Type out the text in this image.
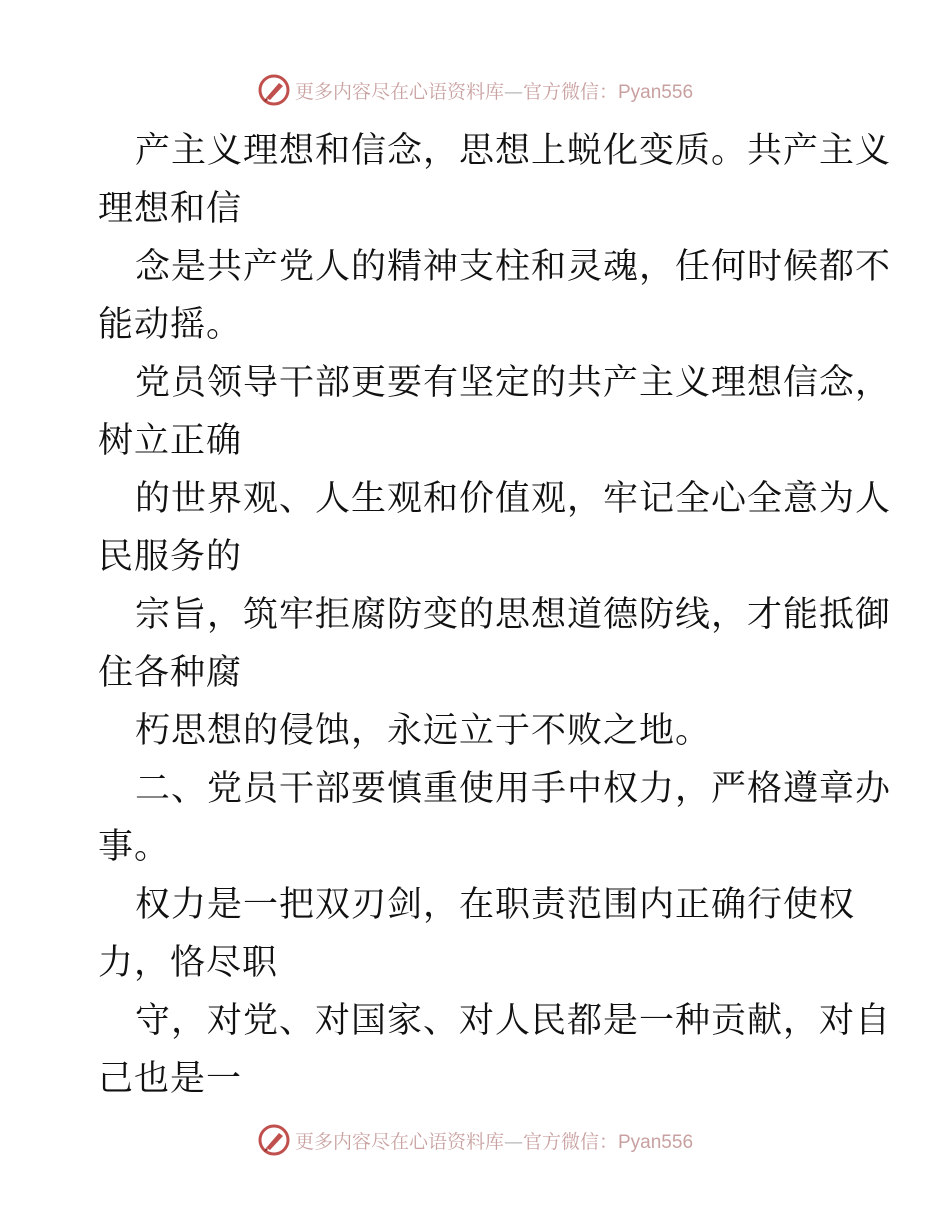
更多内容尽在心语资料库—官方微信：Pyan556
产主义理想和信念，思想上蜕化变质。共产主义
理想和信
念是共产党人的精神支柱和灵魂，任何时候都不
能动摇。
党员领导干部更要有坚定的共产主义理想信念，
树立正确
的世界观、人生观和价值观，牢记全心全意为人
民服务的
宗旨，筑牢拒腐防变的思想道德防线，才能抵御
住各种腐
朽思想的侵蚀，永远立于不败之地。
二、党员干部要慎重使用手中权力，严格遵章办
事。
权力是一把双刃剑，在职责范围内正确行使权
力，恪尽职
守，对党、对国家、对人民都是一种贡献，对自
己也是一
更多内容尽在心语资料库—官方微信：Pyan556
